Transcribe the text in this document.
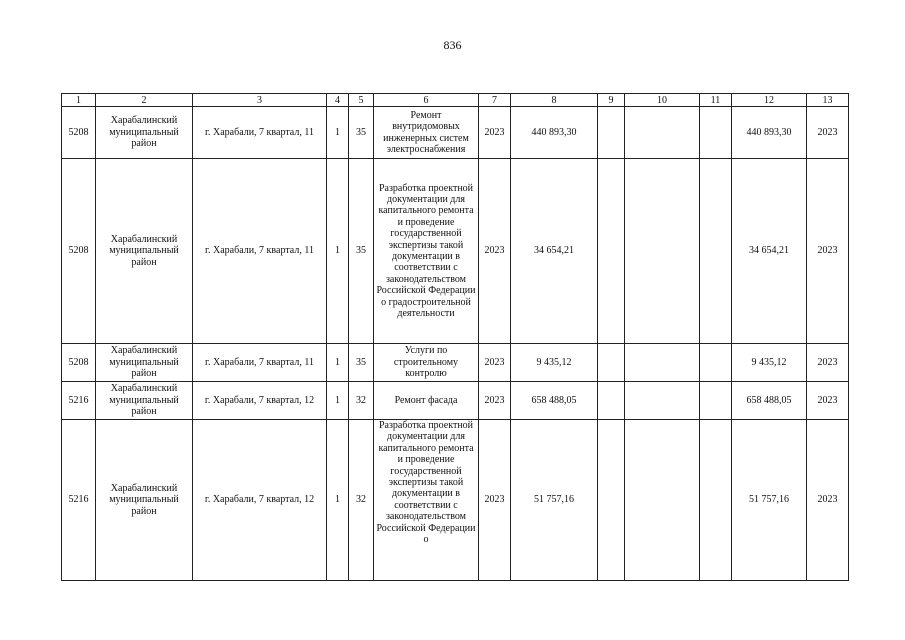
836
1	2	3	4	5	6	7	8	9	10	11	12	13
5208	Харабалинский муниципальный район	г. Харабали, 7 квартал, 11	1	35	Ремонт внутридомовых инженерных систем электроснабжения	2023	440 893,30				440 893,30	2023
5208	Харабалинский муниципальный район	г. Харабали, 7 квартал, 11	1	35	Разработка проектной документации для капитального ремонта и проведение государственной экспертизы такой документации в соответствии с законодательством Российской Федерации о градостроительной деятельности	2023	34 654,21				34 654,21	2023
5208	Харабалинский муниципальный район	г. Харабали, 7 квартал, 11	1	35	Услуги по строительному контролю	2023	9 435,12				9 435,12	2023
5216	Харабалинский муниципальный район	г. Харабали, 7 квартал, 12	1	32	Ремонт фасада	2023	658 488,05				658 488,05	2023
5216	Харабалинский муниципальный район	г. Харабали, 7 квартал, 12	1	32	Разработка проектной документации для капитального ремонта и проведение государственной экспертизы такой документации в соответствии с законодательством Российской Федерации о	2023	51 757,16				51 757,16	2023
